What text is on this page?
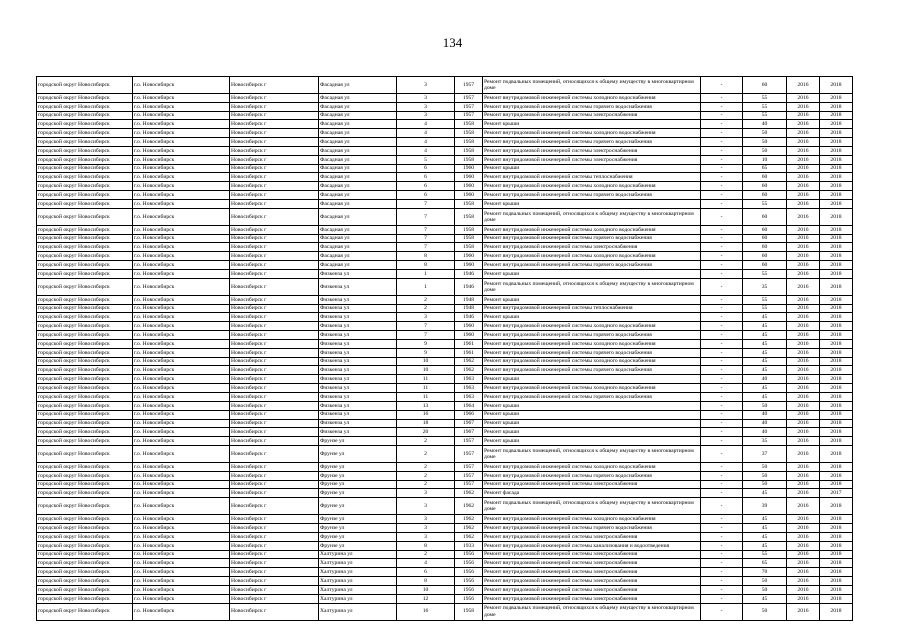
134
городской округ Новосибирск	г.о. Новосибирск	Новосибирск г	Фасадная ул	3	1957	Ремонт подвальных помещений, относящихся к общему имуществу в многоквартирном доме	-	60	2016	2018
городской округ Новосибирск	г.о. Новосибирск	Новосибирск г	Фасадная ул	3	1957	Ремонт внутридомовой инженерной системы холодного водоснабжения	-	55	2016	2018
городской округ Новосибирск	г.о. Новосибирск	Новосибирск г	Фасадная ул	3	1957	Ремонт внутридомовой инженерной системы горячего водоснабжения	-	55	2016	2018
городской округ Новосибирск	г.о. Новосибирск	Новосибирск г	Фасадная ул	3	1957	Ремонт внутридомовой инженерной системы электроснабжения	-	55	2016	2018
городской округ Новосибирск	г.о. Новосибирск	Новосибирск г	Фасадная ул	4	1958	Ремонт крыши	-	40	2016	2018
городской округ Новосибирск	г.о. Новосибирск	Новосибирск г	Фасадная ул	4	1958	Ремонт внутридомовой инженерной системы холодного водоснабжения	-	50	2016	2018
городской округ Новосибирск	г.о. Новосибирск	Новосибирск г	Фасадная ул	4	1958	Ремонт внутридомовой инженерной системы горячего водоснабжения	-	50	2016	2018
городской округ Новосибирск	г.о. Новосибирск	Новосибирск г	Фасадная ул	4	1958	Ремонт внутридомовой инженерной системы электроснабжения	-	50	2016	2018
городской округ Новосибирск	г.о. Новосибирск	Новосибирск г	Фасадная ул	5	1958	Ремонт внутридомовой инженерной системы электроснабжения	-	10	2016	2018
городской округ Новосибирск	г.о. Новосибирск	Новосибирск г	Фасадная ул	6	1960	Ремонт крыши	-	65	2016	2018
городской округ Новосибирск	г.о. Новосибирск	Новосибирск г	Фасадная ул	6	1960	Ремонт внутридомовой инженерной системы теплоснабжения	-	60	2016	2018
городской округ Новосибирск	г.о. Новосибирск	Новосибирск г	Фасадная ул	6	1960	Ремонт внутридомовой инженерной системы холодного водоснабжения	-	60	2016	2018
городской округ Новосибирск	г.о. Новосибирск	Новосибирск г	Фасадная ул	6	1960	Ремонт внутридомовой инженерной системы горячего водоснабжения	-	60	2016	2018
городской округ Новосибирск	г.о. Новосибирск	Новосибирск г	Фасадная ул	7	1958	Ремонт крыши	-	55	2016	2018
городской округ Новосибирск	г.о. Новосибирск	Новосибирск г	Фасадная ул	7	1958	Ремонт подвальных помещений, относящихся к общему имуществу в многоквартирном доме	-	60	2016	2018
городской округ Новосибирск	г.о. Новосибирск	Новосибирск г	Фасадная ул	7	1958	Ремонт внутридомовой инженерной системы холодного водоснабжения	-	60	2016	2018
городской округ Новосибирск	г.о. Новосибирск	Новосибирск г	Фасадная ул	7	1958	Ремонт внутридомовой инженерной системы горячего водоснабжения	-	60	2016	2018
городской округ Новосибирск	г.о. Новосибирск	Новосибирск г	Фасадная ул	7	1958	Ремонт внутридомовой инженерной системы электроснабжения	-	60	2016	2018
городской округ Новосибирск	г.о. Новосибирск	Новосибирск г	Фасадная ул	8	1960	Ремонт внутридомовой инженерной системы холодного водоснабжения	-	60	2016	2018
городской округ Новосибирск	г.о. Новосибирск	Новосибирск г	Фасадная ул	8	1960	Ремонт внутридомовой инженерной системы горячего водоснабжения	-	60	2016	2018
городской округ Новосибирск	г.о. Новосибирск	Новосибирск г	Физкенза ул	1	1946	Ремонт крыши	-	55	2016	2018
городской округ Новосибирск	г.о. Новосибирск	Новосибирск г	Физкенза ул	1	1946	Ремонт подвальных помещений, относящихся к общему имуществу в многоквартирном доме	-	35	2016	2018
городской округ Новосибирск	г.о. Новосибирск	Новосибирск г	Физкенза ул	2	1948	Ремонт крыши	-	55	2016	2018
городской округ Новосибирск	г.о. Новосибирск	Новосибирск г	Физкенза ул	2	1948	Ремонт внутридомовой инженерной системы теплоснабжения	-	55	2016	2018
городской округ Новосибирск	г.о. Новосибирск	Новосибирск г	Физкенза ул	3	1946	Ремонт крыши	-	45	2016	2018
городской округ Новосибирск	г.о. Новосибирск	Новосибирск г	Физкенза ул	7	1960	Ремонт внутридомовой инженерной системы холодного водоснабжения	-	45	2016	2018
городской округ Новосибирск	г.о. Новосибирск	Новосибирск г	Физкенза ул	7	1960	Ремонт внутридомовой инженерной системы горячего водоснабжения	-	45	2016	2018
городской округ Новосибирск	г.о. Новосибирск	Новосибирск г	Физкенза ул	9	1961	Ремонт внутридомовой инженерной системы холодного водоснабжения	-	45	2016	2018
городской округ Новосибирск	г.о. Новосибирск	Новосибирск г	Физкенза ул	9	1961	Ремонт внутридомовой инженерной системы горячего водоснабжения	-	45	2016	2018
городской округ Новосибирск	г.о. Новосибирск	Новосибирск г	Физкенза ул	10	1962	Ремонт внутридомовой инженерной системы холодного водоснабжения	-	45	2016	2018
городской округ Новосибирск	г.о. Новосибирск	Новосибирск г	Физкенза ул	10	1962	Ремонт внутридомовой инженерной системы горячего водоснабжения	-	45	2016	2018
городской округ Новосибирск	г.о. Новосибирск	Новосибирск г	Физкенза ул	11	1963	Ремонт крыши	-	40	2016	2018
городской округ Новосибирск	г.о. Новосибирск	Новосибирск г	Физкенза ул	11	1963	Ремонт внутридомовой инженерной системы холодного водоснабжения	-	45	2016	2018
городской округ Новосибирск	г.о. Новосибирск	Новосибирск г	Физкенза ул	11	1963	Ремонт внутридомовой инженерной системы горячего водоснабжения	-	45	2016	2018
городской округ Новосибирск	г.о. Новосибирск	Новосибирск г	Физкенза ул	13	1964	Ремонт крыши	-	50	2016	2018
городской округ Новосибирск	г.о. Новосибирск	Новосибирск г	Физкенза ул	16	1966	Ремонт крыши	-	40	2016	2018
городской округ Новосибирск	г.о. Новосибирск	Новосибирск г	Физкенза ул	18	1967	Ремонт крыши	-	40	2016	2018
городской округ Новосибирск	г.о. Новосибирск	Новосибирск г	Физкенза ул	20	1967	Ремонт крыши	-	40	2016	2018
городской округ Новосибирск	г.о. Новосибирск	Новосибирск г	Фрунзе ул	2	1957	Ремонт крыши	-	35	2016	2018
городской округ Новосибирск	г.о. Новосибирск	Новосибирск г	Фрунзе ул	2	1957	Ремонт подвальных помещений, относящихся к общему имуществу в многоквартирном доме	-	37	2016	2018
городской округ Новосибирск	г.о. Новосибирск	Новосибирск г	Фрунзе ул	2	1957	Ремонт внутридомовой инженерной системы холодного водоснабжения	-	50	2016	2018
городской округ Новосибирск	г.о. Новосибирск	Новосибирск г	Фрунзе ул	2	1957	Ремонт внутридомовой инженерной системы горячего водоснабжения	-	50	2016	2018
городской округ Новосибирск	г.о. Новосибирск	Новосибирск г	Фрунзе ул	2	1957	Ремонт внутридомовой инженерной системы электроснабжения	-	50	2016	2018
городской округ Новосибирск	г.о. Новосибирск	Новосибирск г	Фрунзе ул	3	1962	Ремонт фасада	-	45	2016	2017
городской округ Новосибирск	г.о. Новосибирск	Новосибирск г	Фрунзе ул	3	1962	Ремонт подвальных помещений, относящихся к общему имуществу в многоквартирном доме	-	39	2016	2018
городской округ Новосибирск	г.о. Новосибирск	Новосибирск г	Фрунзе ул	3	1962	Ремонт внутридомовой инженерной системы холодного водоснабжения	-	45	2016	2018
городской округ Новосибирск	г.о. Новосибирск	Новосибирск г	Фрунзе ул	3	1962	Ремонт внутридомовой инженерной системы горячего водоснабжения	-	45	2016	2018
городской округ Новосибирск	г.о. Новосибирск	Новосибирск г	Фрунзе ул	3	1962	Ремонт внутридомовой инженерной системы электроснабжения	-	45	2016	2018
городской округ Новосибирск	г.о. Новосибирск	Новосибирск г	Фрунзе ул	8	1933	Ремонт внутридомовой инженерной системы канализования и водоотведения	-	45	2016	2018
городской округ Новосибирск	г.о. Новосибирск	Новосибирск г	Халтурина ул	2	1956	Ремонт внутридомовой инженерной системы электроснабжения	-	55	2016	2018
городской округ Новосибирск	г.о. Новосибирск	Новосибирск г	Халтурина ул	4	1956	Ремонт внутридомовой инженерной системы электроснабжения	-	65	2016	2018
городской округ Новосибирск	г.о. Новосибирск	Новосибирск г	Халтурина ул	6	1956	Ремонт внутридомовой инженерной системы электроснабжения	-	70	2016	2018
городской округ Новосибирск	г.о. Новосибирск	Новосибирск г	Халтурина ул	8	1956	Ремонт внутридомовой инженерной системы электроснабжения	-	50	2016	2018
городской округ Новосибирск	г.о. Новосибирск	Новосибирск г	Халтурина ул	10	1956	Ремонт внутридомовой инженерной системы электроснабжения	-	50	2016	2018
городской округ Новосибирск	г.о. Новосибирск	Новосибирск г	Халтурина ул	12	1956	Ремонт внутридомовой инженерной системы электроснабжения	-	45	2016	2018
городской округ Новосибирск	г.о. Новосибирск	Новосибирск г	Халтурина ул	16	1958	Ремонт подвальных помещений, относящихся к общему имуществу в многоквартирном доме	-	50	2016	2018
